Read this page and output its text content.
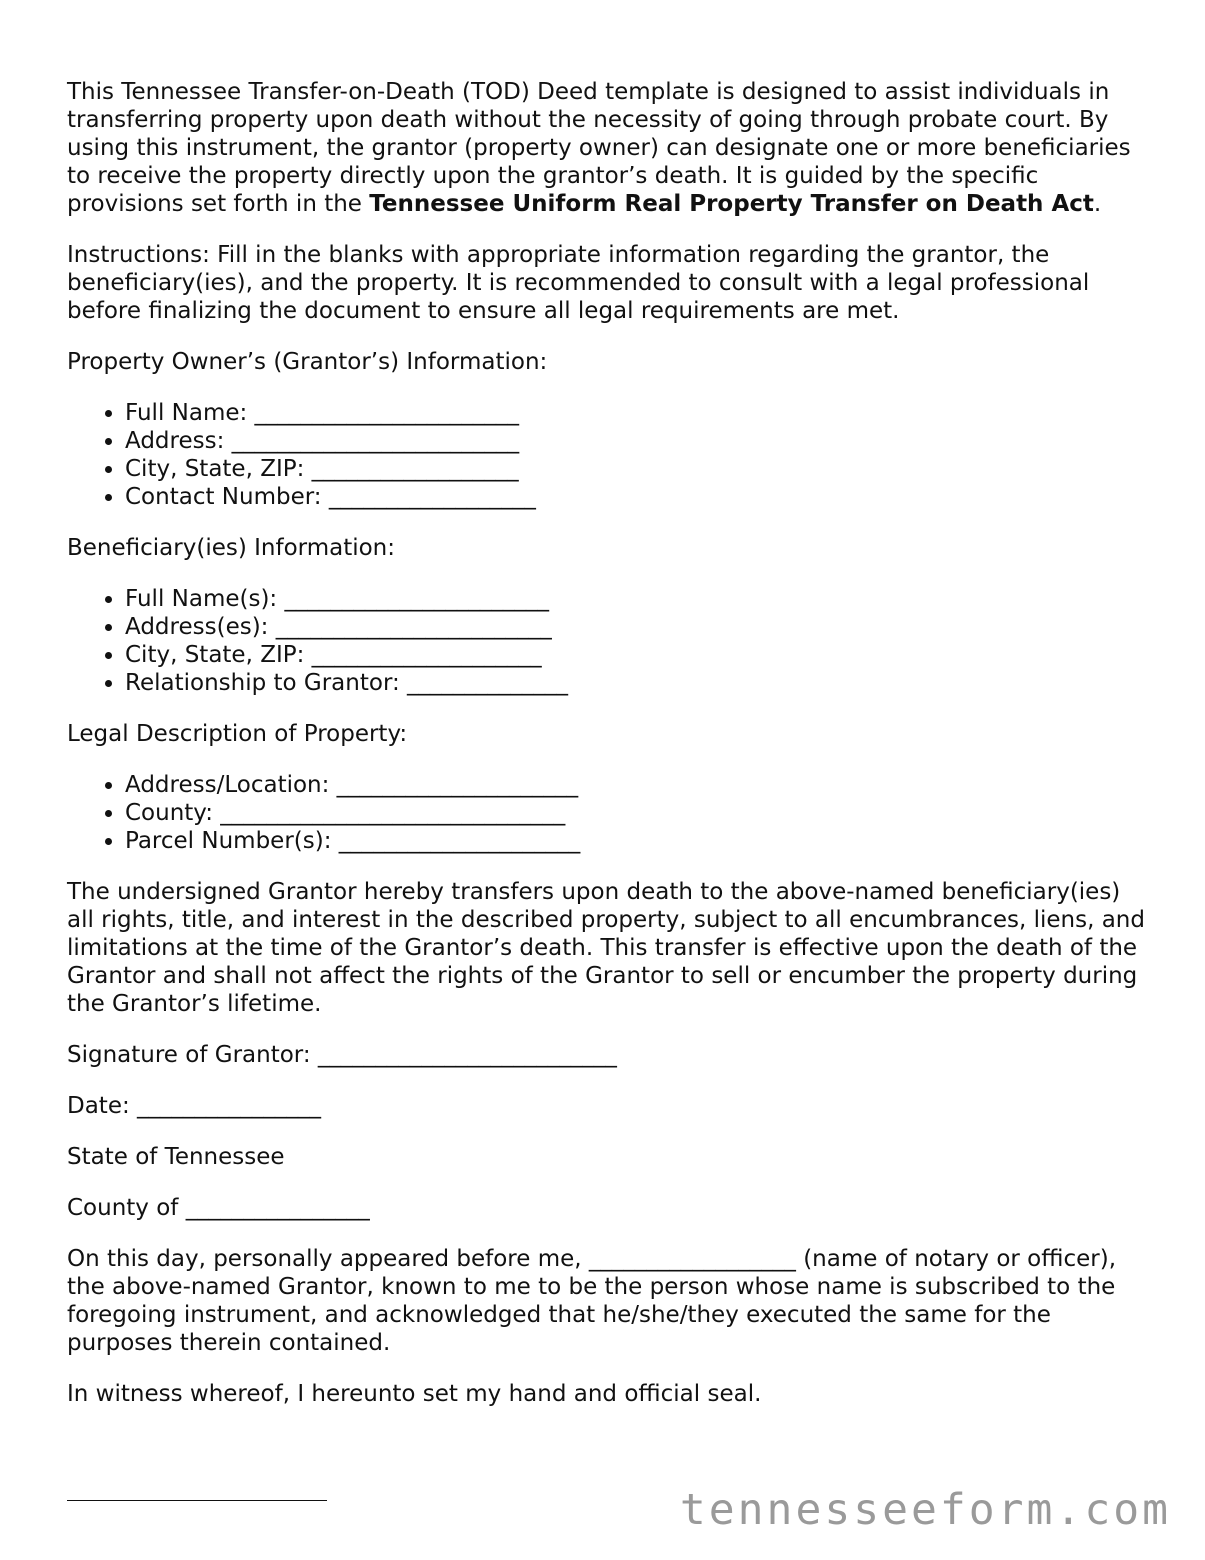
This Tennessee Transfer-on-Death (TOD) Deed template is designed to assist individuals in transferring property upon death without the necessity of going through probate court. By using this instrument, the grantor (property owner) can designate one or more beneficiaries to receive the property directly upon the grantor’s death. It is guided by the specific provisions set forth in the Tennessee Uniform Real Property Transfer on Death Act.

Instructions: Fill in the blanks with appropriate information regarding the grantor, the beneficiary(ies), and the property. It is recommended to consult with a legal professional before finalizing the document to ensure all legal requirements are met.

Property Owner’s (Grantor’s) Information:

• Full Name: _______________________
• Address: _________________________
• City, State, ZIP: __________________
• Contact Number: __________________

Beneficiary(ies) Information:

• Full Name(s): _______________________
• Address(es): ________________________
• City, State, ZIP: ____________________
• Relationship to Grantor: ______________

Legal Description of Property:

• Address/Location: _____________________
• County: ______________________________
• Parcel Number(s): _____________________

The undersigned Grantor hereby transfers upon death to the above-named beneficiary(ies) all rights, title, and interest in the described property, subject to all encumbrances, liens, and limitations at the time of the Grantor’s death. This transfer is effective upon the death of the Grantor and shall not affect the rights of the Grantor to sell or encumber the property during the Grantor’s lifetime.

Signature of Grantor: __________________________

Date: ________________

State of Tennessee

County of ________________

On this day, personally appeared before me, __________________ (name of notary or officer), the above-named Grantor, known to me to be the person whose name is subscribed to the foregoing instrument, and acknowledged that he/she/they executed the same for the purposes therein contained.

In witness whereof, I hereunto set my hand and official seal.

tennesseeform.com
